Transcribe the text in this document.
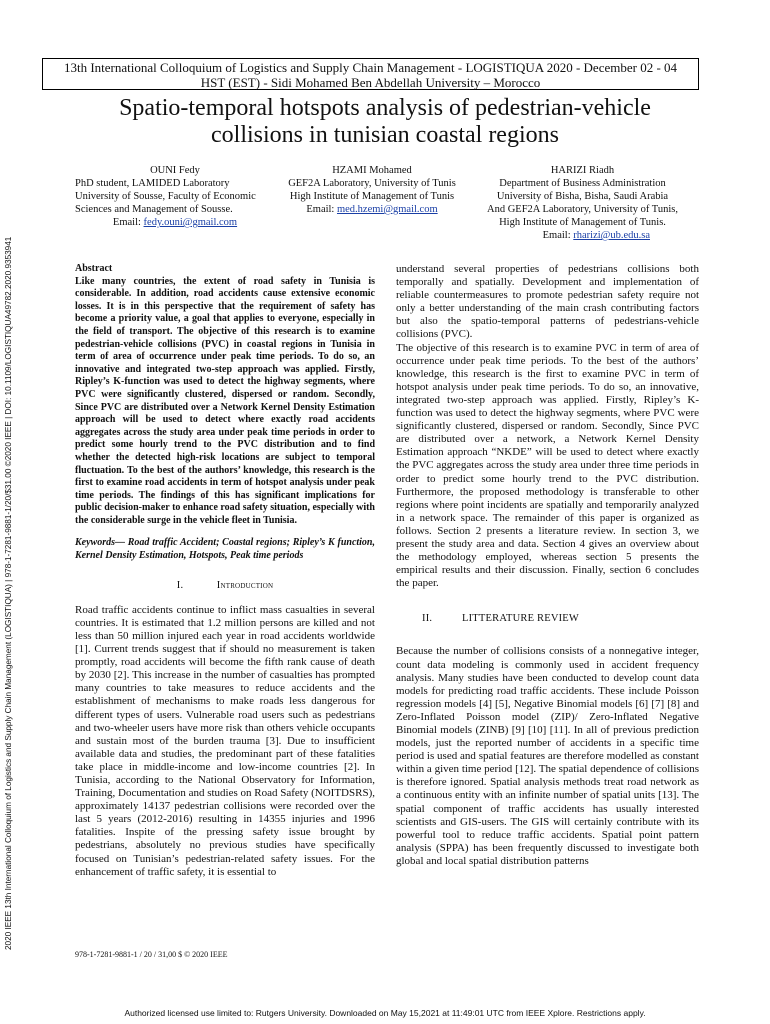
13th International Colloquium of Logistics and Supply Chain Management - LOGISTIQUA 2020 - December 02 - 04
HST (EST) - Sidi Mohamed Ben Abdellah University – Morocco
Spatio-temporal hotspots analysis of pedestrian-vehicle
collisions in tunisian coastal regions
2020 IEEE 13th International Colloquium of Logistics and Supply Chain Management (LOGISTIQUA) | 978-1-7281-9881-1/20/$31.00 ©2020 IEEE | DOI: 10.1109/LOGISTIQUA49782.2020.9353941
OUNI Fedy
PhD student, LAMIDED Laboratory
University of Sousse, Faculty of Economic
Sciences and Management of Sousse.
Email: fedy.ouni@gmail.com
HZAMI Mohamed
GEF2A Laboratory, University of Tunis
High Institute of Management of Tunis
Email: med.hzemi@gmail.com
HARIZI Riadh
Department of Business Administration
University of Bisha, Bisha, Saudi Arabia
And GEF2A Laboratory, University of Tunis,
High Institute of Management of Tunis.
Email: rharizi@ub.edu.sa
Abstract
Like many countries, the extent of road safety in Tunisia is considerable. In addition, road accidents cause extensive economic losses. It is in this perspective that the requirement of safety has become a priority value, a goal that applies to everyone, especially in the field of transport. The objective of this research is to examine pedestrian-vehicle collisions (PVC) in coastal regions in Tunisia in term of area of occurrence under peak time periods. To do so, an innovative and integrated two-step approach was applied. Firstly, Ripley’s K-function was used to detect the highway segments, where PVC were significantly clustered, dispersed or random. Secondly, Since PVC are distributed over a Network Kernel Density Estimation approach will be used to detect where exactly road accidents aggregates across the study area under peak time periods in order to predict some hourly trend to the PVC distribution and to find whether the detected high-risk locations are subject to temporal fluctuation. To the best of the authors’ knowledge, this research is the first to examine road accidents in term of hotspot analysis under peak time periods. The findings of this has significant implications for public decision-maker to enhance road safety situation, especially with the considerable surge in the vehicle fleet in Tunisia.
Keywords— Road traffic Accident; Coastal regions; Ripley’s K function, Kernel Density Estimation, Hotspots, Peak time periods
I.	Introduction

Road traffic accidents continue to inflict mass casualties in several countries. It is estimated that 1.2 million persons are killed and not less than 50 million injured each year in road accidents worldwide [1]. Current trends suggest that if should no measurement is taken promptly, road accidents will become the fifth rank cause of death by 2030 [2]. This increase in the number of casualties has prompted many countries to take measures to reduce accidents and the establishment of mechanisms to make roads less dangerous for different types of users. Vulnerable road users such as pedestrians and two-wheeler users have more risk than others vehicle occupants and sustain most of the burden trauma [3]. Due to insufficient available data and studies, the predominant part of these fatalities take place in middle-income and low-income countries [2]. In Tunisia, according to the National Observatory for Information, Training, Documentation and studies on Road Safety (NOITDSRS), approximately 14137 pedestrian collisions were recorded over the last 5 years (2012-2016) resulting in 14355 injuries and 1996 fatalities. Inspite of the pressing safety issue brought by pedestrians, absolutely no previous studies have specifically focused on Tunisian’s pedestrian-related safety issues. For the enhancement of traffic safety, it is essential to

understand several properties of pedestrians collisions both temporally and spatially. Development and implementation of reliable countermeasures to promote pedestrian safety require not only a better understanding of the main crash contributing factors but also the spatio-temporal patterns of pedestrians-vehicle collisions (PVC).

The objective of this research is to examine PVC in term of area of occurrence under peak time periods. To the best of the authors’ knowledge, this research is the first to examine PVC in term of hotspot analysis under peak time periods. To do so, an innovative, integrated two-step approach was applied. Firstly, Ripley’s K-function was used to detect the highway segments, where PVC were significantly clustered, dispersed or random. Secondly, Since PVC are distributed over a network, a Network Kernel Density Estimation approach “NKDE” will be used to detect where exactly the PVC aggregates across the study area under three time periods in order to predict some hourly trend to the PVC distribution. Furthermore, the proposed methodology is transferable to other regions where point incidents are spatially and temporarily analyzed in a network space. The remainder of this paper is organized as follows. Section 2 presents a literature review. In section 3, we present the study area and data. Section 4 gives an overview about the methodology employed, whereas section 5 presents the empirical results and their discussion. Finally, section 6 concludes the paper.

II.	LITTERATURE REVIEW

Because the number of collisions consists of a nonnegative integer, count data modeling is commonly used in accident frequency analysis. Many studies have been conducted to develop count data models for predicting road traffic accidents. These include Poisson regression models [4] [5], Negative Binomial models [6] [7] [8] and Zero-Inflated Poisson model (ZIP)/ Zero-Inflated Negative Binomial models (ZINB) [9] [10] [11]. In all of previous prediction models, just the reported number of accidents in a specific time period is used and spatial features are therefore modelled as constant within a given time period [12]. The spatial dependence of collisions is therefore ignored. Spatial analysis methods treat road network as a continuous entity with an infinite number of spatial units [13]. The spatial component of traffic accidents has usually interested scientists and GIS-users. The GIS will certainly contribute with its powerful tool to reduce traffic accidents. Spatial point pattern analysis (SPPA) has been frequently discussed to investigate both global and local spatial distribution patterns

978-1-7281-9881-1 / 20 / 31,00 $ © 2020 IEEE
Authorized licensed use limited to: Rutgers University. Downloaded on May 15,2021 at 11:49:01 UTC from IEEE Xplore. Restrictions apply.
